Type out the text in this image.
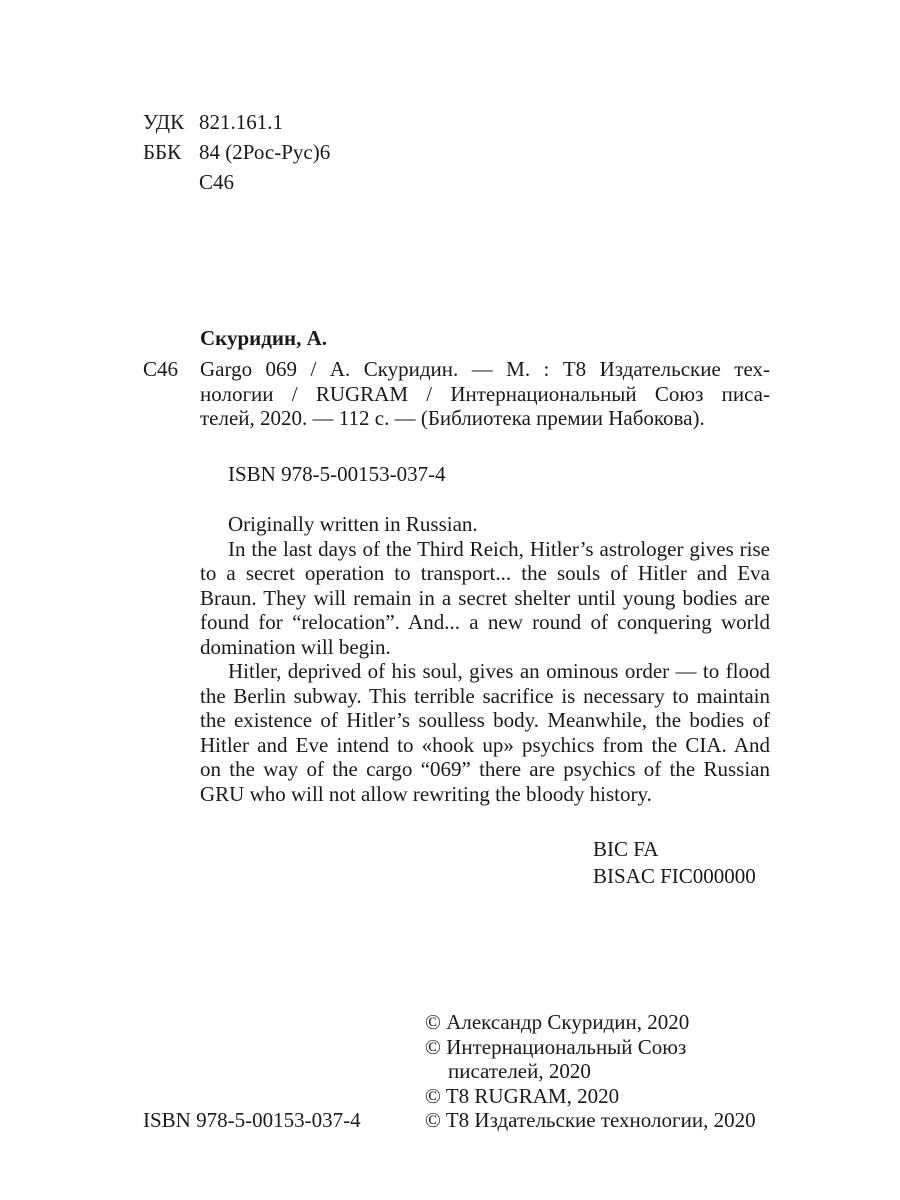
УДК 821.161.1
ББК 84 (2Рос-Рус)6
С46
Скуридин, А.
С46 Gargo 069 / А. Скуридин. — М. : T8 Издательские тех-
нологии / RUGRAM / Интернациональный Союз писа-
телей, 2020. — 112 с. — (Библиотека премии Набокова).
ISBN 978-5-00153-037-4
Originally written in Russian.
In the last days of the Third Reich, Hitler’s astrologer gives rise
to a secret operation to transport... the souls of Hitler and Eva
Braun. They will remain in a secret shelter until young bodies are
found for “relocation”. And... a new round of conquering world
domination will begin.
Hitler, deprived of his soul, gives an ominous order — to flood
the Berlin subway. This terrible sacrifice is necessary to maintain
the existence of Hitler’s soulless body. Meanwhile, the bodies of
Hitler and Eve intend to «hook up» psychics from the CIA. And
on the way of the cargo “069” there are psychics of the Russian
GRU who will not allow rewriting the bloody history.
BIC FA
BISAC FIC000000
© Александр Скуридин, 2020
© Интернациональный Союз
писателей, 2020
© T8 RUGRAM, 2020
© T8 Издательские технологии, 2020
ISBN 978-5-00153-037-4
